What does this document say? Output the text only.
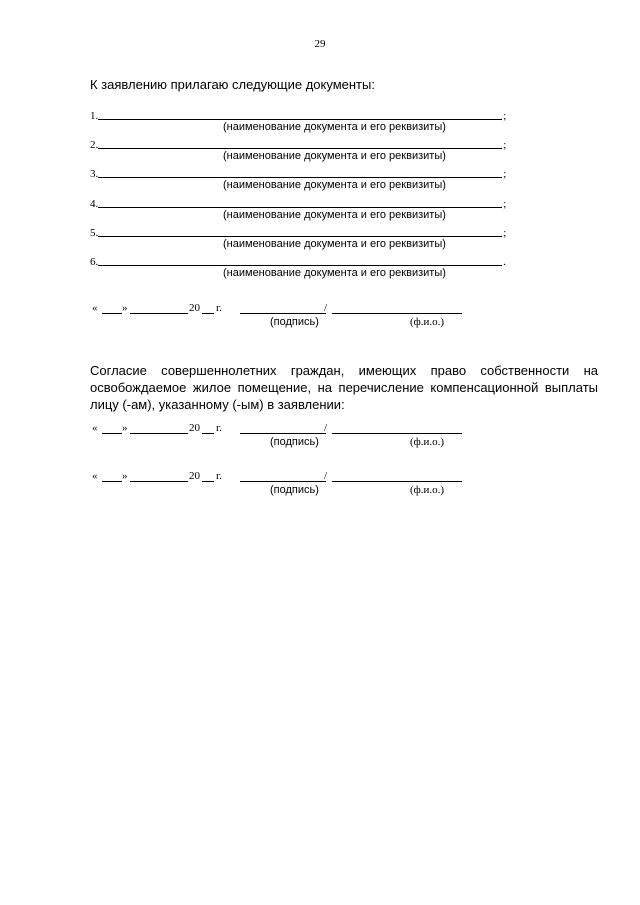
29
К заявлению прилагаю следующие документы:
1.	;
(наименование документа и его реквизиты)
2.	;
(наименование документа и его реквизиты)
3.	;
(наименование документа и его реквизиты)
4.	;
(наименование документа и его реквизиты)
5.	;
(наименование документа и его реквизиты)
6.	.
(наименование документа и его реквизиты)
« »	20 г.	/
(подпись)	(ф.и.о.)
Согласие совершеннолетних граждан, имеющих право собственности на освобождаемое жилое помещение, на перечисление компенсационной выплаты лицу (-ам), указанному (-ым) в заявлении:
« »	20 г.	/
(подпись)	(ф.и.о.)
« »	20 г.	/
(подпись)	(ф.и.о.)
